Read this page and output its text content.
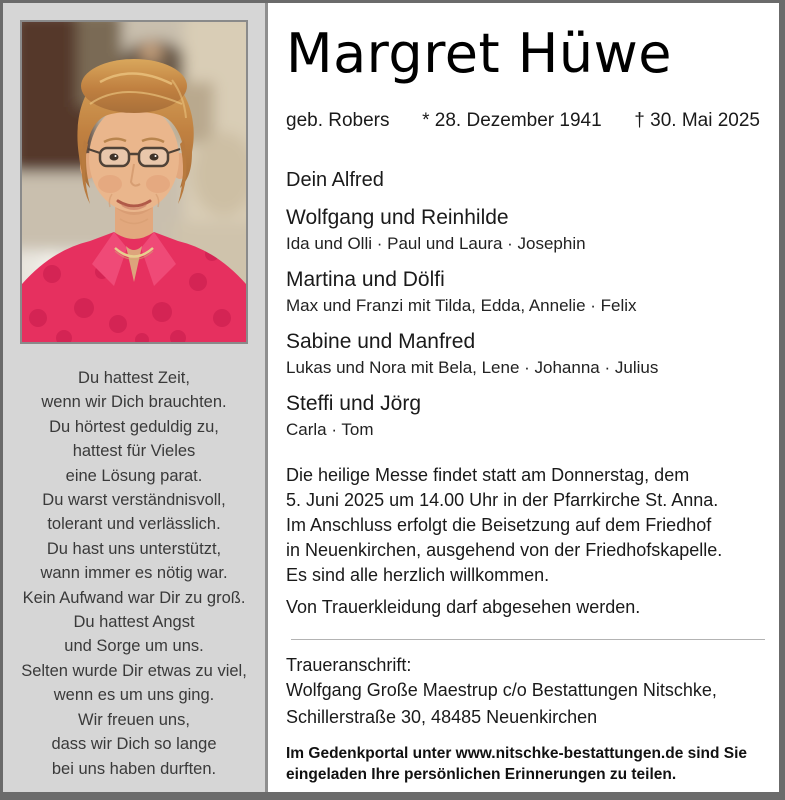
Du hattest Zeit,
wenn wir Dich brauchten.
Du hörtest geduldig zu,
hattest für Vieles
eine Lösung parat.
Du warst verständnisvoll,
tolerant und verlässlich.
Du hast uns unterstützt,
wann immer es nötig war.
Kein Aufwand war Dir zu groß.
Du hattest Angst
und Sorge um uns.
Selten wurde Dir etwas zu viel,
wenn es um uns ging.
Wir freuen uns,
dass wir Dich so lange
bei uns haben durften.
Margret Hüwe
geb. Robers * 28. Dezember 1941 † 30. Mai 2025
Dein Alfred
Wolfgang und Reinhilde
Ida und Olli · Paul und Laura · Josephin
Martina und Dölfi
Max und Franzi mit Tilda, Edda, Annelie · Felix
Sabine und Manfred
Lukas und Nora mit Bela, Lene · Johanna · Julius
Steffi und Jörg
Carla · Tom
Die heilige Messe findet statt am Donnerstag, dem
5. Juni 2025 um 14.00 Uhr in der Pfarrkirche St. Anna.
Im Anschluss erfolgt die Beisetzung auf dem Friedhof
in Neuenkirchen, ausgehend von der Friedhofskapelle.
Es sind alle herzlich willkommen.
Von Trauerkleidung darf abgesehen werden.
Traueranschrift:
Wolfgang Große Maestrup c/o Bestattungen Nitschke,
Schillerstraße 30, 48485 Neuenkirchen
Im Gedenkportal unter www.nitschke-bestattungen.de sind Sie
eingeladen Ihre persönlichen Erinnerungen zu teilen.
